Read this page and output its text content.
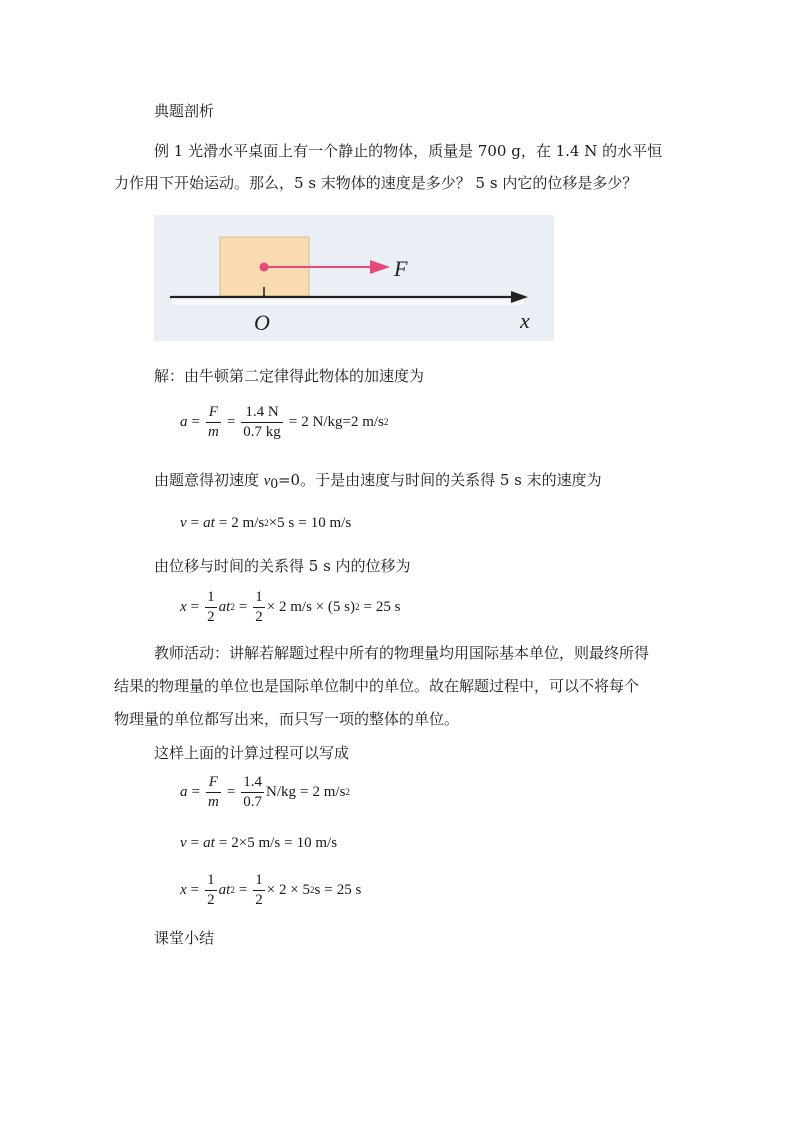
典题剖析
例 1 光滑水平桌面上有一个静止的物体，质量是 700 g，在 1.4 N 的水平恒
力作用下开始运动。那么，5 s 末物体的速度是多少？ 5 s 内它的位移是多少？
F
O	x
解：由牛顿第二定律得此物体的加速度为
$a = \frac{F}{m} = \frac{1.4 N}{0.7 kg} = 2$ N/kg=2 m/s 2
由题意得初速度 $v_0=0$。于是由速度与时间的关系得 5 s 末的速度为
v = at = 2 m/s 2 ×5 s = 10 m/s
由位移与时间的关系得 5 s 内的位移为
$x = \frac{1}{2}$ at $2 = \frac{1}{2} \times 2$ m/s × (5 s) 2 = 25 s
教师活动：讲解若解题过程中所有的物理量均用国际基本单位，则最终所得
结果的物理量的单位也是国际单位制中的单位。故在解题过程中，可以不将每个
物理量的单位都写出来，而只写一项的整体的单位。
这样上面的计算过程可以写成
$a = \frac{F}{m} = \frac{1.4}{0.7} N/kg = 2$ m/s 2
v = at = 2×5 m/s = 10 m/s
$x = \frac{1}{2}$ at $2 = \frac{1}{2} \times 2 \times 5$ 2 s = 25 s
课堂小结
